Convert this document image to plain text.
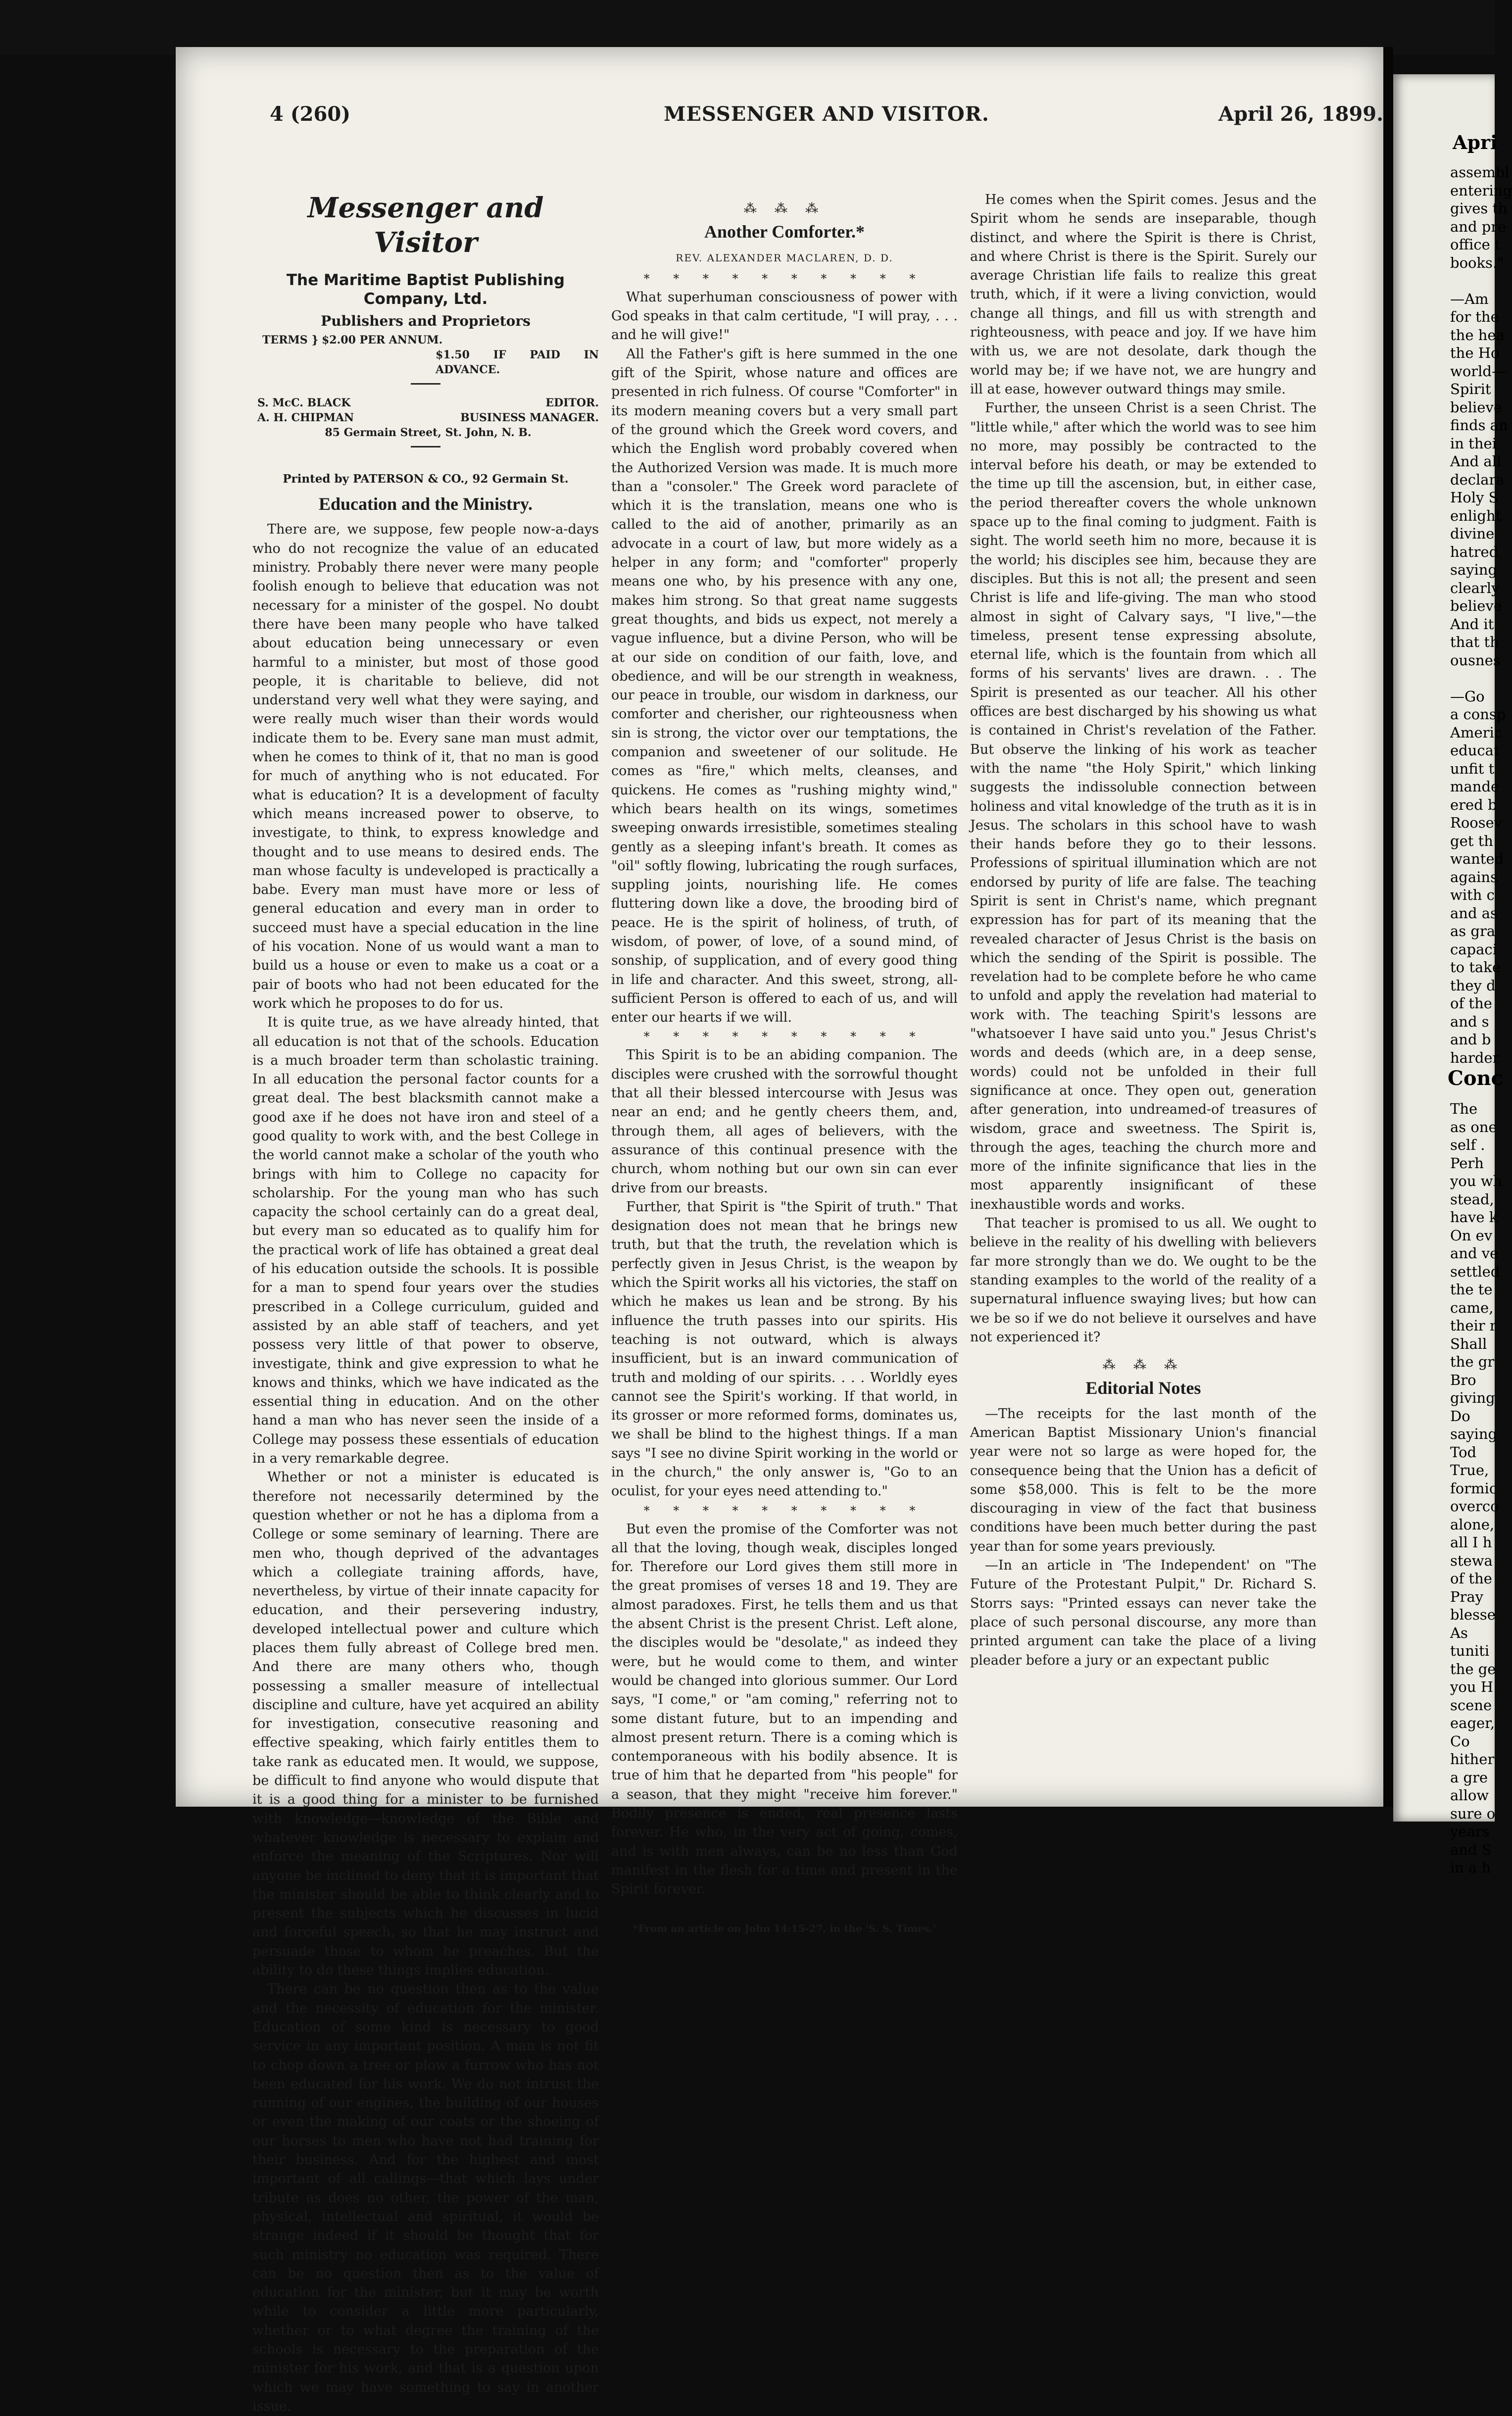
4 (260)	MESSENGER AND VISITOR.	April 26, 1899.
Messenger and Visitor
The Maritime Baptist Publishing Company, Ltd.
Publishers and Proprietors
TERMS } $2.00 PER ANNUM.
$1.50 IF PAID IN ADVANCE.
S. McC. BLACK	EDITOR.
A. H. CHIPMAN	BUSINESS MANAGER.
85 Germain Street, St. John, N. B.
Printed by PATERSON & CO., 92 Germain St.
Education and the Ministry.

There are, we suppose, few people now-a-days who do not recognize the value of an educated ministry. Probably there never were many people foolish enough to believe that education was not necessary for a minister of the gospel. No doubt there have been many people who have talked about education being unnecessary or even harmful to a minister, but most of those good people, it is charitable to believe, did not understand very well what they were saying, and were really much wiser than their words would indicate them to be. Every sane man must admit, when he comes to think of it, that no man is good for much of anything who is not educated. For what is education? It is a development of faculty which means increased power to observe, to investigate, to think, to express knowledge and thought and to use means to desired ends. The man whose faculty is undeveloped is practically a babe. Every man must have more or less of general education and every man in order to succeed must have a special education in the line of his vocation. None of us would want a man to build us a house or even to make us a coat or a pair of boots who had not been educated for the work which he proposes to do for us.

It is quite true, as we have already hinted, that all education is not that of the schools. Education is a much broader term than scholastic training. In all education the personal factor counts for a great deal. The best blacksmith cannot make a good axe if he does not have iron and steel of a good quality to work with, and the best College in the world cannot make a scholar of the youth who brings with him to College no capacity for scholarship. For the young man who has such capacity the school certainly can do a great deal, but every man so educated as to qualify him for the practical work of life has obtained a great deal of his education outside the schools. It is possible for a man to spend four years over the studies prescribed in a College curriculum, guided and assisted by an able staff of teachers, and yet possess very little of that power to observe, investigate, think and give expression to what he knows and thinks, which we have indicated as the essential thing in education. And on the other hand a man who has never seen the inside of a College may possess these essentials of education in a very remarkable degree.

Whether or not a minister is educated is therefore not necessarily determined by the question whether or not he has a diploma from a College or some seminary of learning. There are men who, though deprived of the advantages which a collegiate training affords, have, nevertheless, by virtue of their innate capacity for education, and their persevering industry, developed intellectual power and culture which places them fully abreast of College bred men. And there are many others who, though possessing a smaller measure of intellectual discipline and culture, have yet acquired an ability for investigation, consecutive reasoning and effective speaking, which fairly entitles them to take rank as educated men. It would, we suppose, be difficult to find anyone who would dispute that it is a good thing for a minister to be furnished with knowledge—knowledge of the Bible and whatever knowledge is necessary to explain and enforce the meaning of the Scriptures. Nor will anyone be inclined to deny that it is important that the minister should be able to think clearly and to present the subjects which he discusses in lucid and forceful speech, so that he may instruct and persuade those to whom he preaches. But the ability to do these things implies education.

There can be no question then as to the value and the necessity of education for the minister. Education of some kind is necessary to good service in any important position. A man is not fit to chop down a tree or plow a furrow who has not been educated for his work. We do not intrust the running of our engines, the building of our houses or even the making of our coats or the shoeing of our horses to men who have not had training for their business. And for the highest and most important of all callings—that which lays under tribute as does no other, the power of the man, physical, intellectual and spiritual, it would be strange indeed if it should be thought that for such ministry no education was required. There can be no question then as to the value of education for the minister, but it may be worth while to consider a little more particularly, whether or to what degree the training of the schools is necessary to the preparation of the minister for his work, and that is a question upon which we may have something to say in another issue.

⁂ ⁂ ⁂
Another Comforter.*
REV. ALEXANDER MACLAREN, D. D.
* * * * * * * * * *

What superhuman consciousness of power with God speaks in that calm certitude, "I will pray, . . . and he will give!"

All the Father's gift is here summed in the one gift of the Spirit, whose nature and offices are presented in rich fulness. Of course "Comforter" in its modern meaning covers but a very small part of the ground which the Greek word covers, and which the English word probably covered when the Authorized Version was made. It is much more than a "consoler." The Greek word paraclete of which it is the translation, means one who is called to the aid of another, primarily as an advocate in a court of law, but more widely as a helper in any form; and "comforter" properly means one who, by his presence with any one, makes him strong. So that great name suggests great thoughts, and bids us expect, not merely a vague influence, but a divine Person, who will be at our side on condition of our faith, love, and obedience, and will be our strength in weakness, our peace in trouble, our wisdom in darkness, our comforter and cherisher, our righteousness when sin is strong, the victor over our temptations, the companion and sweetener of our solitude. He comes as "fire," which melts, cleanses, and quickens. He comes as "rushing mighty wind," which bears health on its wings, sometimes sweeping onwards irresistible, sometimes stealing gently as a sleeping infant's breath. It comes as "oil" softly flowing, lubricating the rough surfaces, suppling joints, nourishing life. He comes fluttering down like a dove, the brooding bird of peace. He is the spirit of holiness, of truth, of wisdom, of power, of love, of a sound mind, of sonship, of supplication, and of every good thing in life and character. And this sweet, strong, all-sufficient Person is offered to each of us, and will enter our hearts if we will.

* * * * * * * * * *

This Spirit is to be an abiding companion. The disciples were crushed with the sorrowful thought that all their blessed intercourse with Jesus was near an end; and he gently cheers them, and, through them, all ages of believers, with the assurance of this continual presence with the church, whom nothing but our own sin can ever drive from our breasts.

Further, that Spirit is "the Spirit of truth." That designation does not mean that he brings new truth, but that the truth, the revelation which is perfectly given in Jesus Christ, is the weapon by which the Spirit works all his victories, the staff on which he makes us lean and be strong. By his influence the truth passes into our spirits. His teaching is not outward, which is always insufficient, but is an inward communication of truth and molding of our spirits. . . . Worldly eyes cannot see the Spirit's working. If that world, in its grosser or more reformed forms, dominates us, we shall be blind to the highest things. If a man says "I see no divine Spirit working in the world or in the church," the only answer is, "Go to an oculist, for your eyes need attending to."

* * * * * * * * * *

But even the promise of the Comforter was not all that the loving, though weak, disciples longed for. Therefore our Lord gives them still more in the great promises of verses 18 and 19. They are almost paradoxes. First, he tells them and us that the absent Christ is the present Christ. Left alone, the disciples would be "desolate," as indeed they were, but he would come to them, and winter would be changed into glorious summer. Our Lord says, "I come," or "am coming," referring not to some distant future, but to an impending and almost present return. There is a coming which is contemporaneous with his bodily absence. It is true of him that he departed from "his people" for a season, that they might "receive him forever." Bodily presence is ended, real presence lasts forever. He who, in the very act of going, comes, and is with men always, can be no less than God manifest in the flesh for a time and present in the Spirit forever.

*From an article on John 14:15-27, in the 'S. S. Times.'

He comes when the Spirit comes. Jesus and the Spirit whom he sends are inseparable, though distinct, and where the Spirit is there is Christ, and where Christ is there is the Spirit. Surely our average Christian life fails to realize this great truth, which, if it were a living conviction, would change all things, and fill us with strength and righteousness, with peace and joy. If we have him with us, we are not desolate, dark though the world may be; if we have not, we are hungry and ill at ease, however outward things may smile.

Further, the unseen Christ is a seen Christ. The "little while," after which the world was to see him no more, may possibly be contracted to the interval before his death, or may be extended to the time up till the ascension, but, in either case, the period thereafter covers the whole unknown space up to the final coming to judgment. Faith is sight. The world seeth him no more, because it is the world; his disciples see him, because they are disciples. But this is not all; the present and seen Christ is life and life-giving. The man who stood almost in sight of Calvary says, "I live,"—the timeless, present tense expressing absolute, eternal life, which is the fountain from which all forms of his servants' lives are drawn. . . The Spirit is presented as our teacher. All his other offices are best discharged by his showing us what is contained in Christ's revelation of the Father. But observe the linking of his work as teacher with the name "the Holy Spirit," which linking suggests the indissoluble connection between holiness and vital knowledge of the truth as it is in Jesus. The scholars in this school have to wash their hands before they go to their lessons. Professions of spiritual illumination which are not endorsed by purity of life are false. The teaching Spirit is sent in Christ's name, which pregnant expression has for part of its meaning that the revealed character of Jesus Christ is the basis on which the sending of the Spirit is possible. The revelation had to be complete before he who came to unfold and apply the revelation had material to work with. The teaching Spirit's lessons are "whatsoever I have said unto you." Jesus Christ's words and deeds (which are, in a deep sense, words) could not be unfolded in their full significance at once. They open out, generation after generation, into undreamed-of treasures of wisdom, grace and sweetness. The Spirit is, through the ages, teaching the church more and more of the infinite significance that lies in the most apparently insignificant of these inexhaustible words and works.

That teacher is promised to us all. We ought to believe in the reality of his dwelling with believers far more strongly than we do. We ought to be the standing examples to the world of the reality of a supernatural influence swaying lives; but how can we be so if we do not believe it ourselves and have not experienced it?

⁂ ⁂ ⁂
Editorial Notes

—The receipts for the last month of the American Baptist Missionary Union's financial year were not so large as were hoped for, the consequence being that the Union has a deficit of some $58,000. This is felt to be the more discouraging in view of the fact that business conditions have been much better during the past year than for some years previously.

—In an article in 'The Independent' on "The Future of the Protestant Pulpit," Dr. Richard S. Storrs says: "Printed essays can never take the place of such personal discourse, any more than printed argument can take the place of a living pleader before a jury or an expectant public

Apri
assembl
entering
gives th
and pre
office t
books."

—Am
for the
the hea
the Ho
world—
Spirit
believe
finds an
in thei
And all
declara
Holy S
enlight
divine
hatred
saying
clearly
believe
And it
that th
ousnes

—Go
a consp
Americ
educat
unfit t
mande
ered b
Roosev
get th
wanted
agains
with c
and as
as gra
capaci
to take
they d
of the
and s
and b
harder
Conc
The
as one
self .
Perh
you wh
stead,
have k
On ev
and ve
settled
the te
came,
their r
Shall
the gr
Bro
giving
Do
saying
Tod
True,
formic
overco
alone,
all I h
stewa
of the
Pray
blesse
As
tuniti
the ge
you H
scene
eager,
Co
hither
a gre
allow
sure o
years
and S
in a h
